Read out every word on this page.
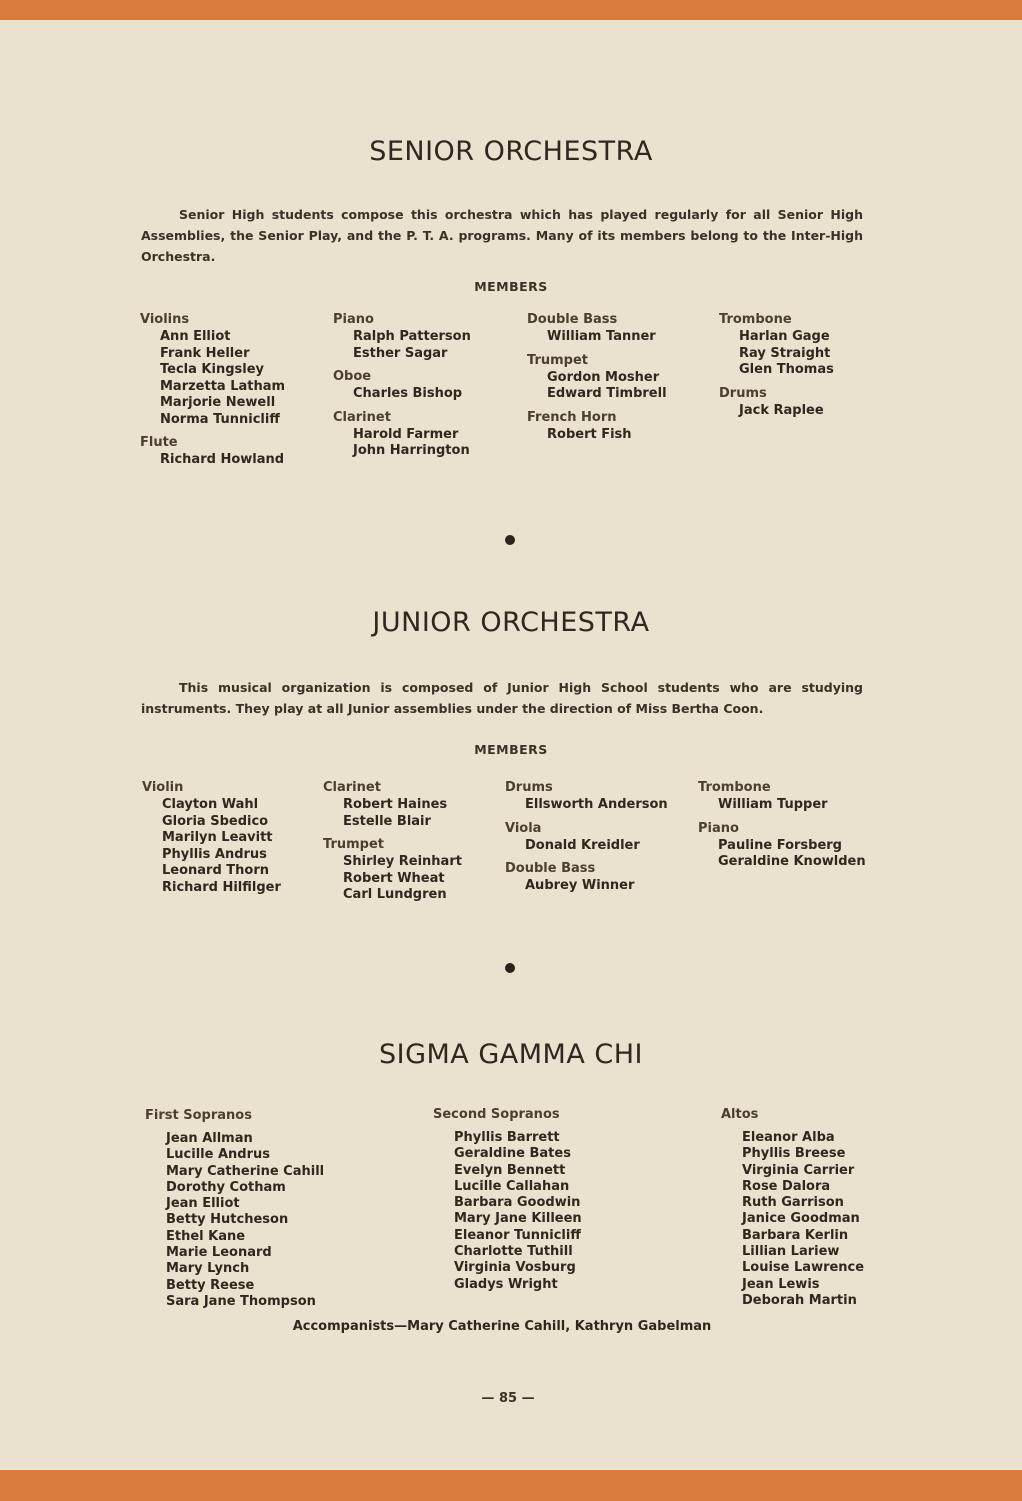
SENIOR ORCHESTRA
Senior High students compose this orchestra which has played regularly for all Senior High Assemblies, the Senior Play, and the P. T. A. programs. Many of its members belong to the Inter-High Orchestra.
MEMBERS
Violins
Ann Elliot
Frank Heller
Tecla Kingsley
Marzetta Latham
Marjorie Newell
Norma Tunnicliff
Flute
Richard Howland
Piano
Ralph Patterson
Esther Sagar
Oboe
Charles Bishop
Clarinet
Harold Farmer
John Harrington
Double Bass
William Tanner
Trumpet
Gordon Mosher
Edward Timbrell
French Horn
Robert Fish
Trombone
Harlan Gage
Ray Straight
Glen Thomas
Drums
Jack Raplee
JUNIOR ORCHESTRA
This musical organization is composed of Junior High School students who are studying instruments. They play at all Junior assemblies under the direction of Miss Bertha Coon.
MEMBERS
Violin
Clayton Wahl
Gloria Sbedico
Marilyn Leavitt
Phyllis Andrus
Leonard Thorn
Richard Hilfilger
Clarinet
Robert Haines
Estelle Blair
Trumpet
Shirley Reinhart
Robert Wheat
Carl Lundgren
Drums
Ellsworth Anderson
Viola
Donald Kreidler
Double Bass
Aubrey Winner
Trombone
William Tupper
Piano
Pauline Forsberg
Geraldine Knowlden
SIGMA GAMMA CHI
First Sopranos
Jean Allman
Lucille Andrus
Mary Catherine Cahill
Dorothy Cotham
Jean Elliot
Betty Hutcheson
Ethel Kane
Marie Leonard
Mary Lynch
Betty Reese
Sara Jane Thompson
Second Sopranos
Phyllis Barrett
Geraldine Bates
Evelyn Bennett
Lucille Callahan
Barbara Goodwin
Mary Jane Killeen
Eleanor Tunnicliff
Charlotte Tuthill
Virginia Vosburg
Gladys Wright
Altos
Eleanor Alba
Phyllis Breese
Virginia Carrier
Rose Dalora
Ruth Garrison
Janice Goodman
Barbara Kerlin
Lillian Lariew
Louise Lawrence
Jean Lewis
Deborah Martin
Accompanists—Mary Catherine Cahill, Kathryn Gabelman
— 85 —
